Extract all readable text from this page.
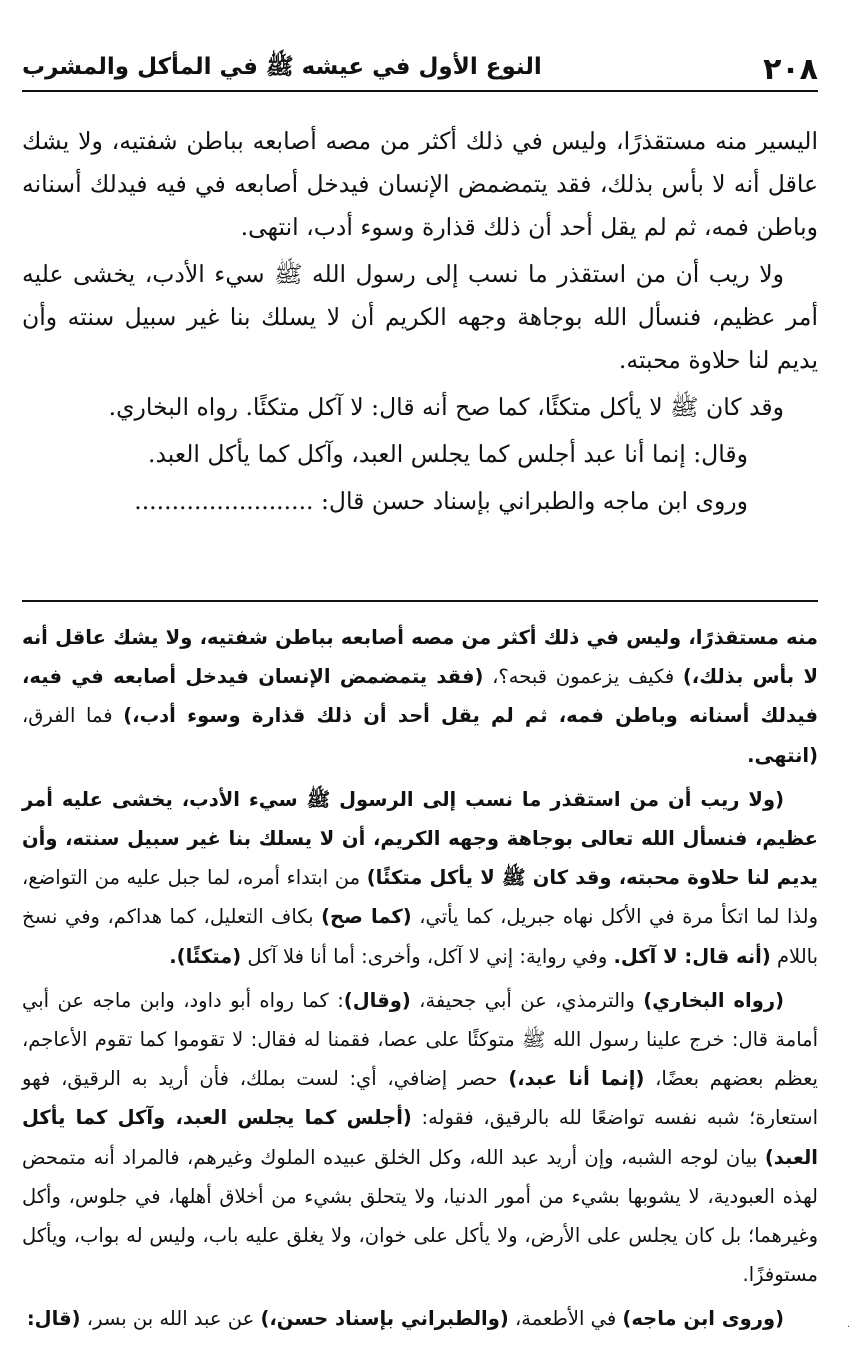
٢٠٨
النوع الأول في عيشه ﷺ في المأكل والمشرب

اليسير منه مستقذرًا، وليس في ذلك أكثر من مصه أصابعه بباطن شفتيه، ولا يشك عاقل أنه لا بأس بذلك، فقد يتمضمض الإنسان فيدخل أصابعه في فيه فيدلك أسنانه وباطن فمه، ثم لم يقل أحد أن ذلك قذارة وسوء أدب، انتهى.

ولا ريب أن من استقذر ما نسب إلى رسول الله ﷺ سيء الأدب، يخشى عليه أمر عظيم، فنسأل الله بوجاهة وجهه الكريم أن لا يسلك بنا غير سبيل سنته وأن يديم لنا حلاوة محبته.

وقد كان ﷺ لا يأكل متكئًا، كما صح أنه قال: لا آكل متكئًا. رواه البخاري.

وقال: إنما أنا عبد أجلس كما يجلس العبد، وآكل كما يأكل العبد.

وروى ابن ماجه والطبراني بإسناد حسن قال: ........................

منه مستقذرًا، وليس في ذلك أكثر من مصه أصابعه بباطن شفتيه، ولا يشك عاقل أنه لا بأس بذلك،) فكيف يزعمون قبحه؟، (فقد يتمضمض الإنسان فيدخل أصابعه في فيه، فيدلك أسنانه وباطن فمه، ثم لم يقل أحد أن ذلك قذارة وسوء أدب،) فما الفرق، (انتهى.

(ولا ريب أن من استقذر ما نسب إلى الرسول ﷺ سيء الأدب، يخشى عليه أمر عظيم، فنسأل الله تعالى بوجاهة وجهه الكريم، أن لا يسلك بنا غير سبيل سنته، وأن يديم لنا حلاوة محبته، وقد كان ﷺ لا يأكل متكئًا) من ابتداء أمره، لما جبل عليه من التواضع، ولذا لما اتكأ مرة في الأكل نهاه جبريل، كما يأتي، (كما صح) بكاف التعليل، كما هداكم، وفي نسخ باللام (أنه قال: لا آكل. وفي رواية: إني لا آكل، وأخرى: أما أنا فلا آكل (متكئًا).

(رواه البخاري) والترمذي، عن أبي جحيفة، (وقال): كما رواه أبو داود، وابن ماجه عن أبي أمامة قال: خرج علينا رسول الله ﷺ متوكئًا على عصا، فقمنا له فقال: لا تقوموا كما تقوم الأعاجم، يعظم بعضهم بعضًا، (إنما أنا عبد،) حصر إضافي، أي: لست بملك، فأن أريد به الرقيق، فهو استعارة؛ شبه نفسه تواضعًا لله بالرقيق، فقوله: (أجلس كما يجلس العبد، وآكل كما يأكل العبد) بيان لوجه الشبه، وإن أريد عبد الله، وكل الخلق عبيده الملوك وغيرهم، فالمراد أنه متمحض لهذه العبودية، لا يشوبها بشيء من أمور الدنيا، ولا يتحلق بشيء من أخلاق أهلها، في جلوس، وأكل وغيرهما؛ بل كان يجلس على الأرض، ولا يأكل على خوان، ولا يغلق عليه باب، وليس له بواب، ويأكل مستوفزًا.

(وروى ابن ماجه) في الأطعمة، (والطبراني بإسناد حسن،) عن عبد الله بن بسر، (قال:	·
